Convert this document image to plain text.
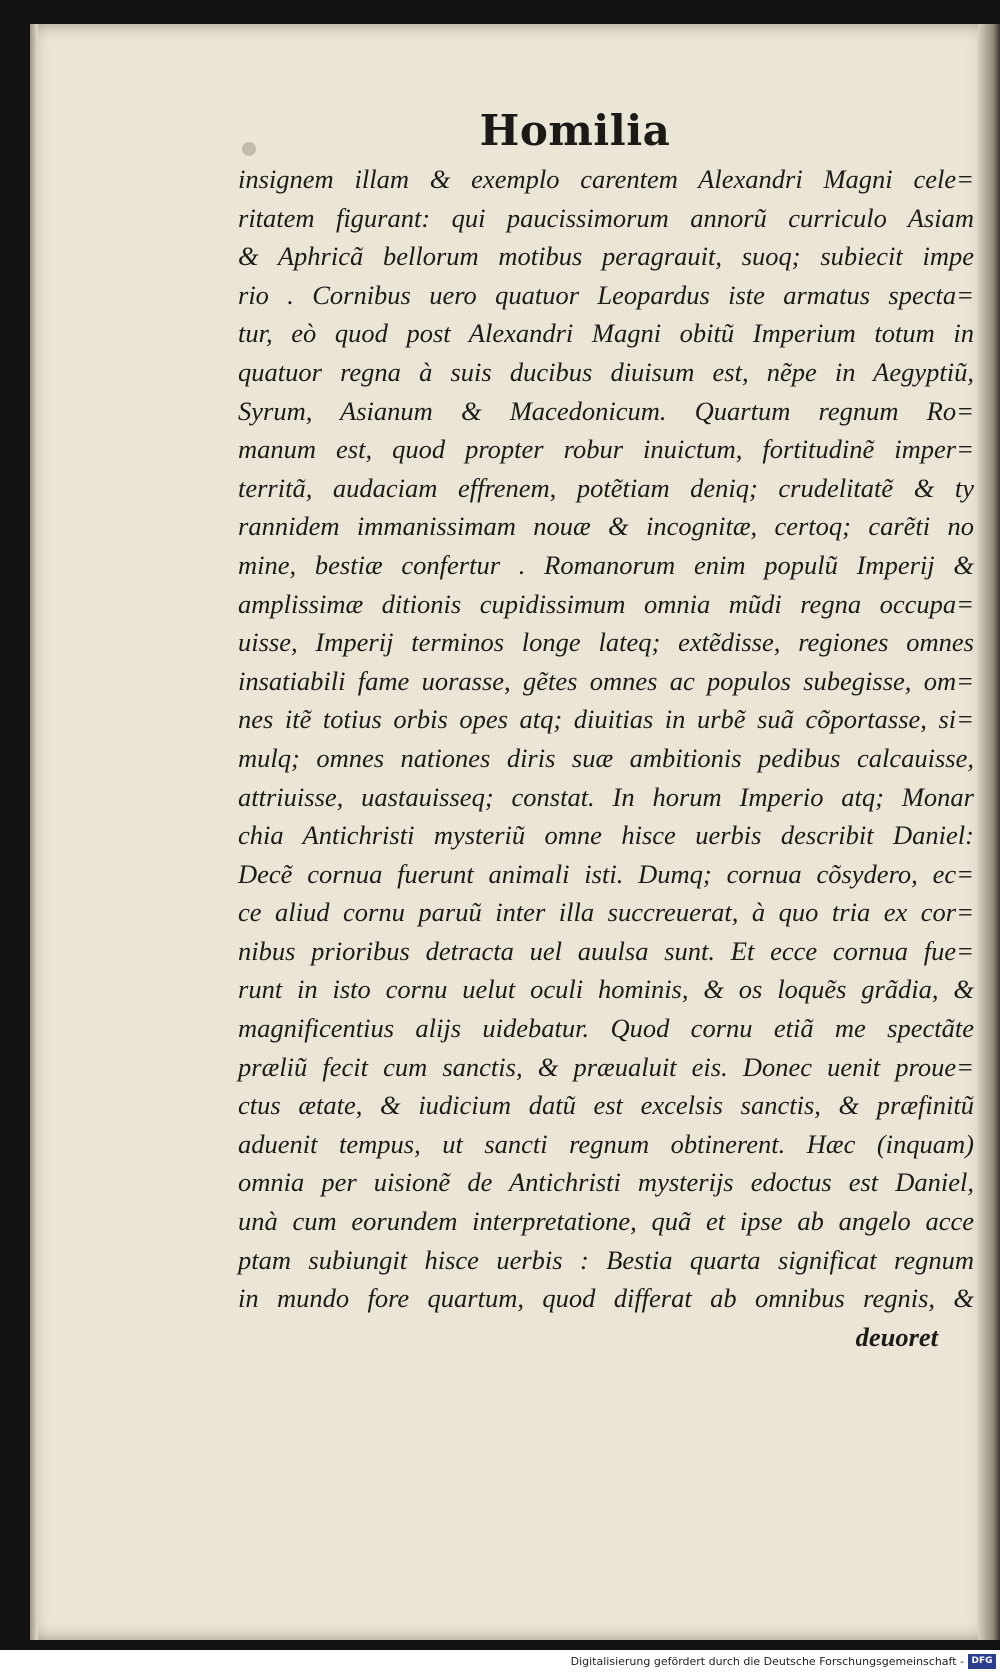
Homilia
insignem illam & exemplo carentem Alexandri Magni cele=
ritatem figurant: qui paucissimorum annorũ curriculo Asiam
& Aphricã bellorum motibus peragrauit, suoq; subiecit impe
rio . Cornibus uero quatuor Leopardus iste armatus specta=
tur, eò quod post Alexandri Magni obitũ Imperium totum in
quatuor regna à suis ducibus diuisum est, nẽpe in Aegyptiũ,
Syrum, Asianum & Macedonicum. Quartum regnum Ro=
manum est, quod propter robur inuictum, fortitudinẽ imper=
territã, audaciam effrenem, potẽtiam deniq; crudelitatẽ & ty
rannidem immanissimam nouæ & incognitæ, certoq; carẽti no
mine, bestiæ confertur . Romanorum enim populũ Imperij &
amplissimæ ditionis cupidissimum omnia mũdi regna occupa=
uisse, Imperij terminos longe lateq; extẽdisse, regiones omnes
insatiabili fame uorasse, gẽtes omnes ac populos subegisse, om=
nes itẽ totius orbis opes atq; diuitias in urbẽ suã cõportasse, si=
mulq; omnes nationes diris suæ ambitionis pedibus calcauisse,
attriuisse, uastauisseq; constat. In horum Imperio atq; Monar
chia Antichristi mysteriũ omne hisce uerbis describit Daniel:
Decẽ cornua fuerunt animali isti. Dumq; cornua cõsydero, ec=
ce aliud cornu paruũ inter illa succreuerat, à quo tria ex cor=
nibus prioribus detracta uel auulsa sunt. Et ecce cornua fue=
runt in isto cornu uelut oculi hominis, & os loquẽs grãdia, &
magnificentius alijs uidebatur. Quod cornu etiã me spectãte
præliũ fecit cum sanctis, & præualuit eis. Donec uenit proue=
ctus ætate, & iudicium datũ est excelsis sanctis, & præfinitũ
aduenit tempus, ut sancti regnum obtinerent. Hæc (inquam)
omnia per uisionẽ de Antichristi mysterijs edoctus est Daniel,
unà cum eorundem interpretatione, quã et ipse ab angelo acce
ptam subiungit hisce uerbis : Bestia quarta significat regnum
in mundo fore quartum, quod differat ab omnibus regnis, &
deuoret
Digitalisierung gefördert durch die Deutsche Forschungsgemeinschaft - DFG
